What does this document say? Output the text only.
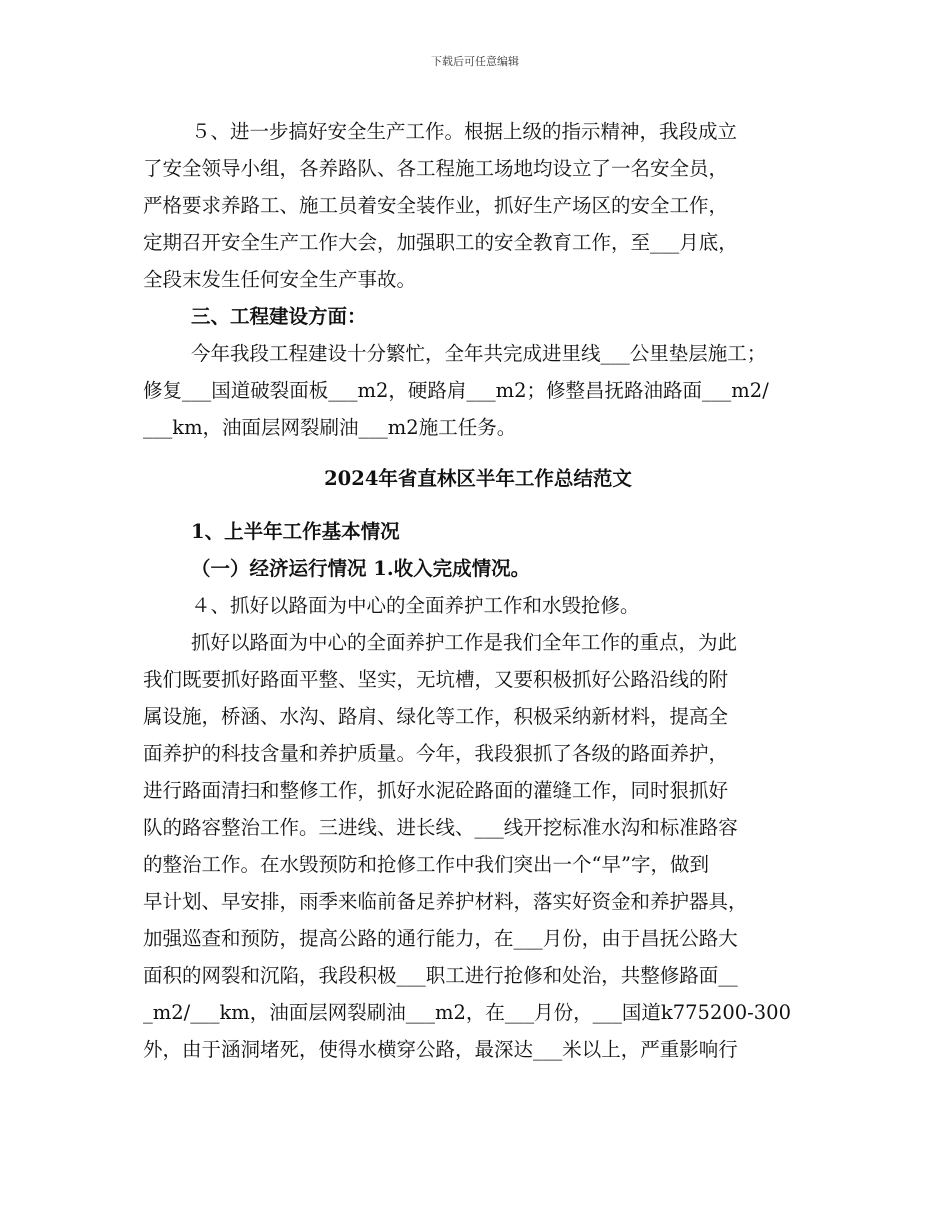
下载后可任意编辑
５、进一步搞好安全生产工作。根据上级的指示精神，我段成立
了安全领导小组，各养路队、各工程施工场地均设立了一名安全员，
严格要求养路工、施工员着安全装作业，抓好生产场区的安全工作，
定期召开安全生产工作大会，加强职工的安全教育工作，至___月底，
全段末发生任何安全生产事故。
三、工程建设方面：
今年我段工程建设十分繁忙，全年共完成进里线___公里垫层施工；
修复___国道破裂面板___m2，硬路肩___m2；修整昌抚路油路面___m2/
___km，油面层网裂刷油___m2施工任务。
2024年省直林区半年工作总结范文
1、上半年工作基本情况
（一）经济运行情况 1.收入完成情况。
４、抓好以路面为中心的全面养护工作和水毁抢修。
抓好以路面为中心的全面养护工作是我们全年工作的重点，为此
我们既要抓好路面平整、坚实，无坑槽，又要积极抓好公路沿线的附
属设施，桥涵、水沟、路肩、绿化等工作，积极采纳新材料，提高全
面养护的科技含量和养护质量。今年，我段狠抓了各级的路面养护，
进行路面清扫和整修工作，抓好水泥砼路面的灌缝工作，同时狠抓好
队的路容整治工作。三进线、进长线、___线开挖标准水沟和标准路容
的整治工作。在水毁预防和抢修工作中我们突出一个“早”字，做到
早计划、早安排，雨季来临前备足养护材料，落实好资金和养护器具，
加强巡查和预防，提高公路的通行能力，在___月份，由于昌抚公路大
面积的网裂和沉陷，我段积极___职工进行抢修和处治，共整修路面__
_m2/___km，油面层网裂刷油___m2，在___月份，___国道k775200-300
外，由于涵洞堵死，使得水横穿公路，最深达___米以上，严重影响行
